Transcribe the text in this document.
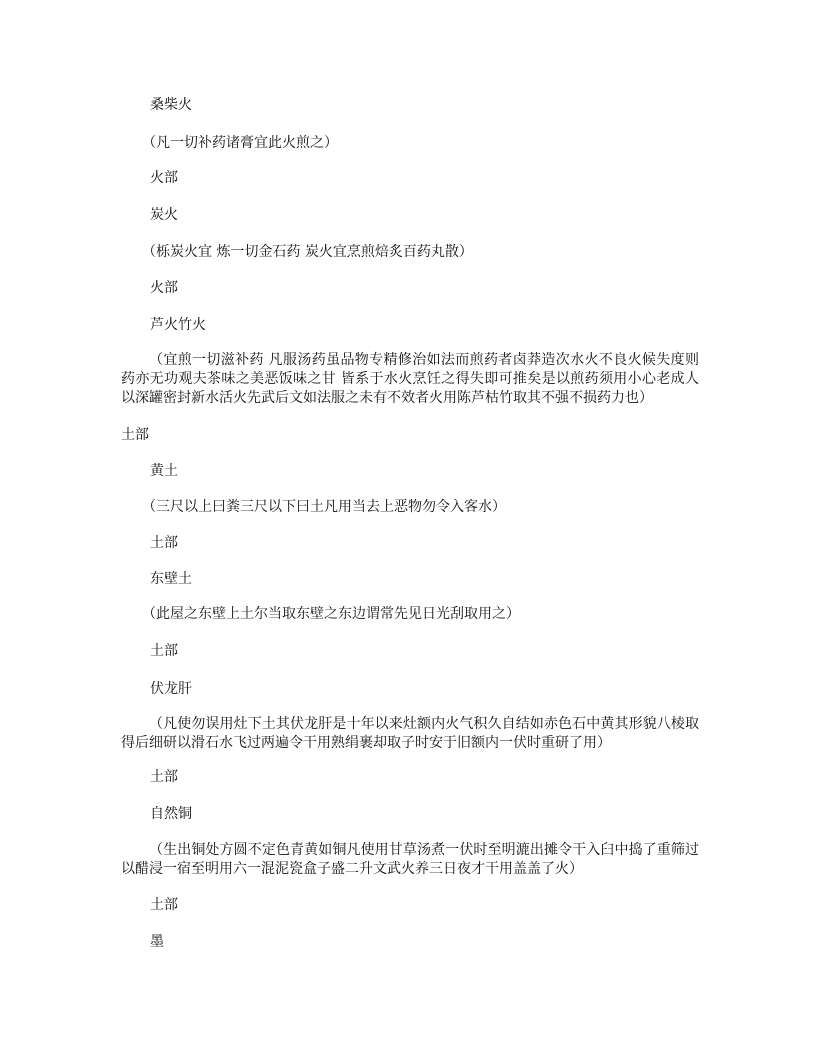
桑柴火
（凡一切补药诸膏宜此火煎之）
火部
炭火
（栎炭火宜 炼一切金石药 炭火宜烹煎焙炙百药丸散）
火部
芦火竹火
（宜煎一切滋补药 凡服汤药虽品物专精修治如法而煎药者卤莽造次水火不良火候失度则药亦无功观夫茶味之美恶饭味之甘 皆系于水火烹饪之得失即可推矣是以煎药须用小心老成人以深罐密封新水活火先武后文如法服之未有不效者火用陈芦枯竹取其不强不损药力也）
土部
黄土
（三尺以上曰粪三尺以下曰土凡用当去上恶物勿令入客水）
土部
东壁土
（此屋之东壁上土尔当取东壁之东边谓常先见日光刮取用之）
土部
伏龙肝
（凡使勿误用灶下土其伏龙肝是十年以来灶额内火气积久自结如赤色石中黄其形貌八棱取得后细研以滑石水飞过两遍令干用熟绢裹却取子时安于旧额内一伏时重研了用）
土部
自然铜
（生出铜处方圆不定色青黄如铜凡使用甘草汤煮一伏时至明漉出摊令干入臼中捣了重筛过以醋浸一宿至明用六一混泥瓷盒子盛二升文武火养三日夜才干用盖盖了火）
土部
墨
